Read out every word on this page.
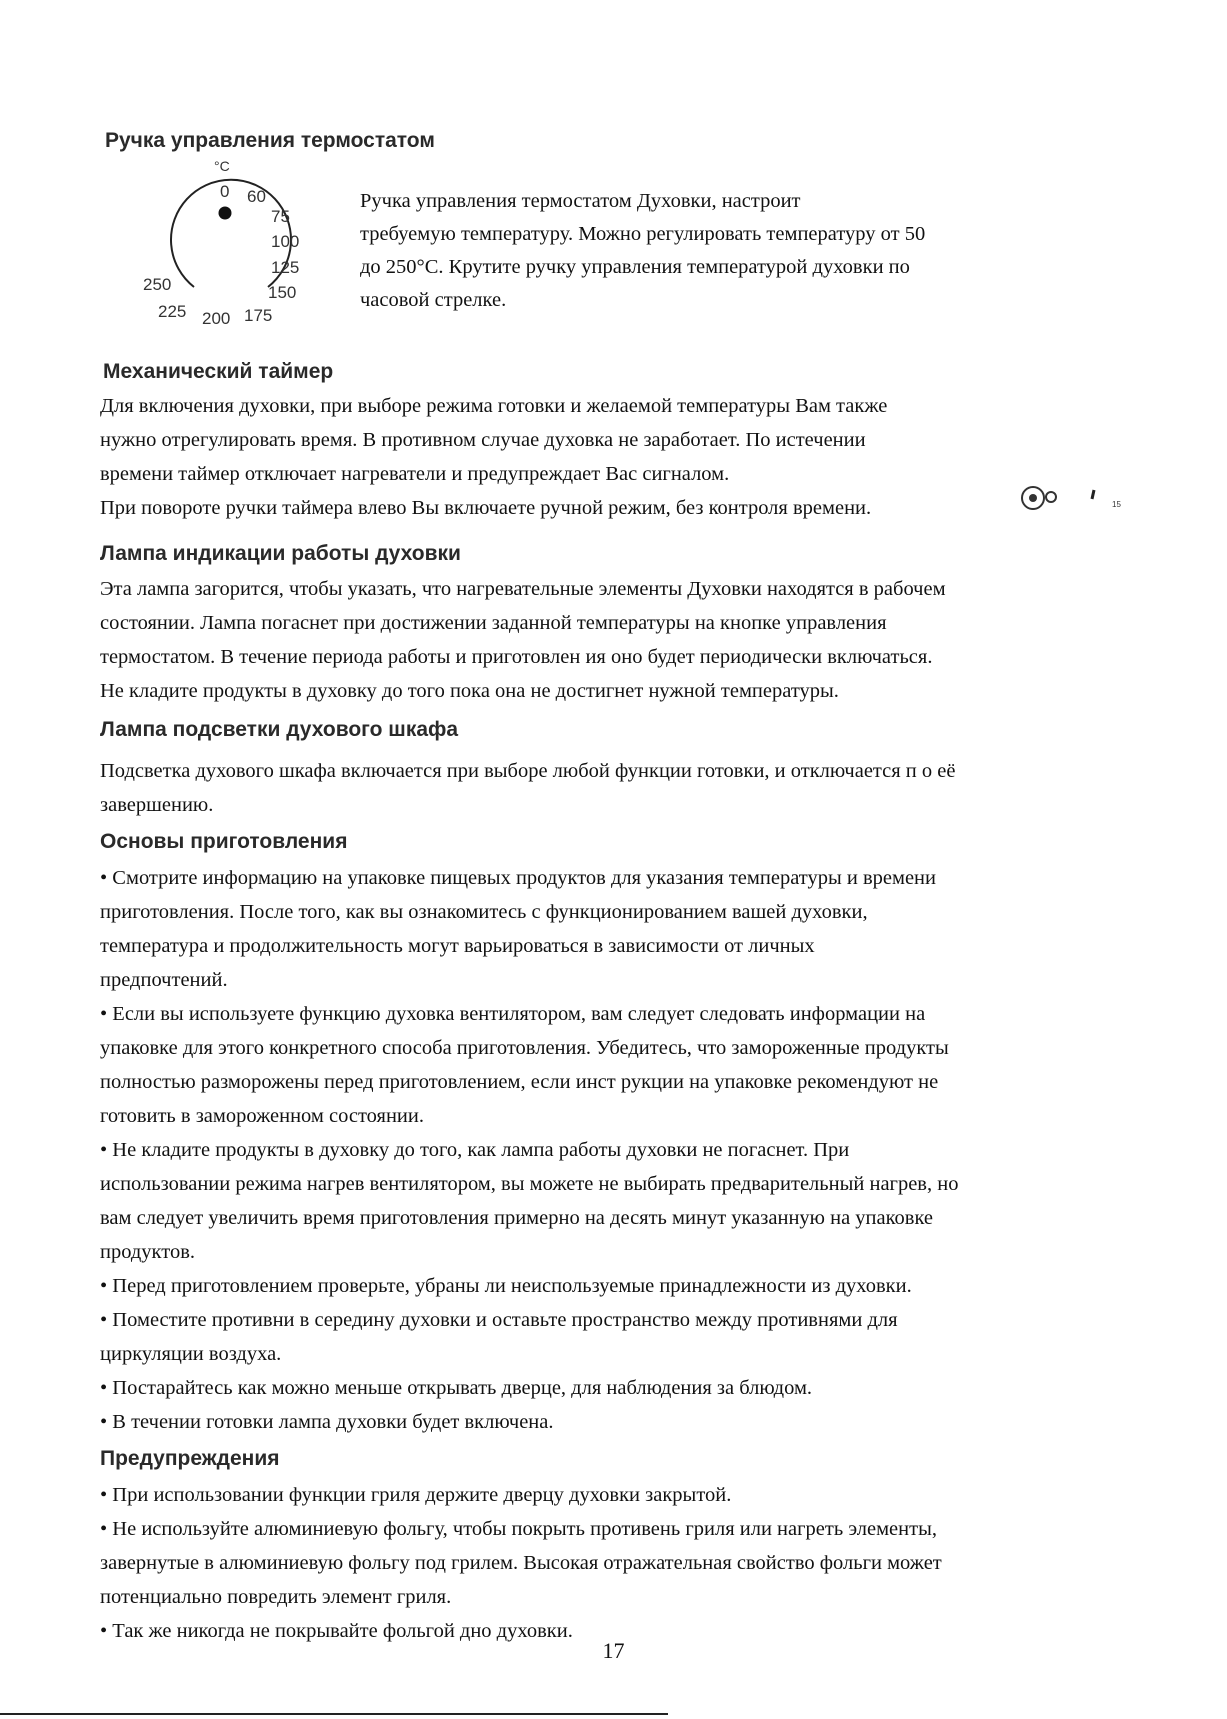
Ручка управления термостатом
°C
0 60
75
100
125
150
175
200
225
250
Ручка управления термостатом Духовки, настроит
требуемую температуру. Можно регулировать температуру от 50
до 250°C. Крутите ручку управления температурой духовки по
часовой стрелке.
Механический таймер
Для включения духовки, при выборе режима готовки и желаемой температуры Вам также
нужно отрегулировать время. В противном случае духовка не заработает. По истечении
времени таймер отключает нагреватели и предупреждает Вас сигналом.
При повороте ручки таймера влево Вы включаете ручной режим, без контроля времени.	15
Лампа индикации работы духовки
Эта лампа загорится, чтобы указать, что нагревательные элементы Духовки находятся в рабочем
состоянии. Лампа погаснет при достижении заданной температуры на кнопке управления
термостатом. В течение периода работы и приготовлен ия оно будет периодически включаться.
Не кладите продукты в духовку до того пока она не достигнет нужной температуры.
Лампа подсветки духового шкафа
Подсветка духового шкафа включается при выборе любой функции готовки, и отключается п о её
завершению.
Основы приготовления
• Смотрите информацию на упаковке пищевых продуктов для указания температуры и времени
приготовления. После того, как вы ознакомитесь с функционированием вашей духовки,
температура и продолжительность могут варьироваться в зависимости от личных
предпочтений.
• Если вы используете функцию духовка вентилятором, вам следует следовать информации на
упаковке для этого конкретного способа приготовления. Убедитесь, что замороженные продукты
полностью разморожены перед приготовлением, если инст рукции на упаковке рекомендуют не
готовить в замороженном состоянии.
• Не кладите продукты в духовку до того, как лампа работы духовки не погаснет. При
использовании режима нагрев вентилятором, вы можете не выбирать предварительный нагрев, но
вам следует увеличить время приготовления примерно на десять минут указанную на упаковке
продуктов.
• Перед приготовлением проверьте, убраны ли неиспользуемые принадлежности из духовки.
• Поместите противни в середину духовки и оставьте пространство между противнями для
циркуляции воздуха.
• Постарайтесь как можно меньше открывать дверце, для наблюдения за блюдом.
• В течении готовки лампа духовки будет включена.
Предупреждения
• При использовании функции гриля держите дверцу духовки закрытой.
• Не используйте алюминиевую фольгу, чтобы покрыть противень гриля или нагреть элементы,
завернутые в алюминиевую фольгу под грилем. Высокая отражательная свойство фольги может
потенциально повредить элемент гриля.
• Так же никогда не покрывайте фольгой дно духовки.
17
